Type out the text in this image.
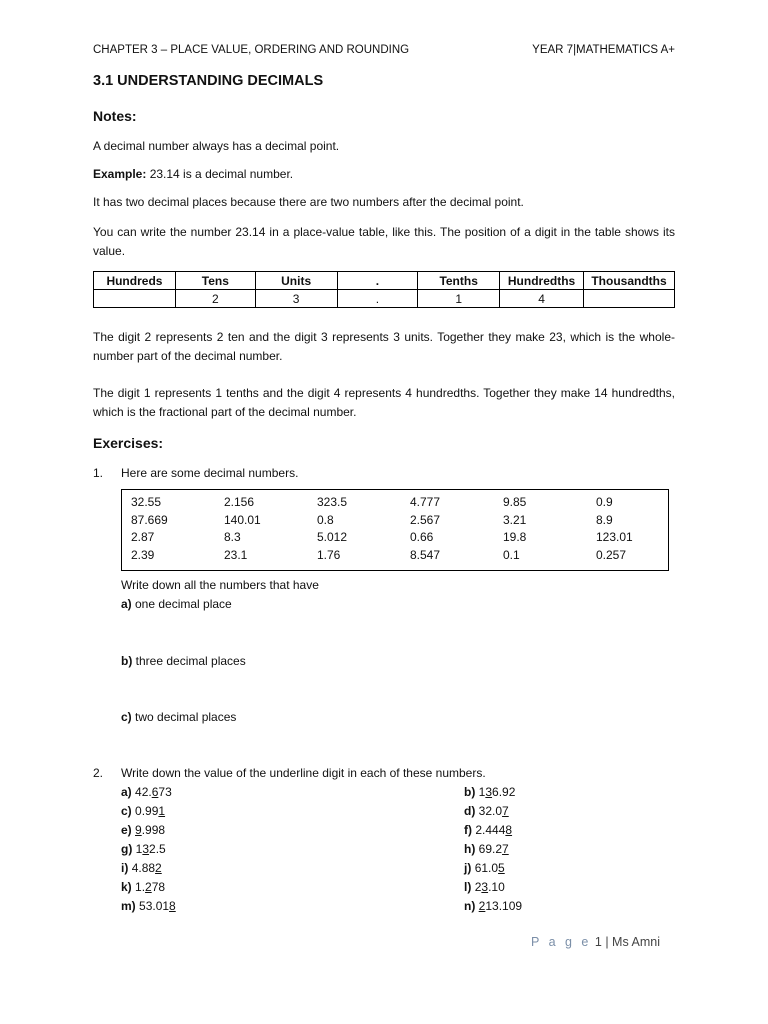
CHAPTER 3 – PLACE VALUE, ORDERING AND ROUNDING	YEAR 7|MATHEMATICS A+
3.1 UNDERSTANDING DECIMALS
Notes:
A decimal number always has a decimal point.
Example: 23.14 is a decimal number.
It has two decimal places because there are two numbers after the decimal point.
You can write the number 23.14 in a place-value table, like this. The position of a digit in the table shows its value.
Hundreds	Tens	Units	.	Tenths	Hundredths	Thousandths
	2	3	.	1	4	
The digit 2 represents 2 ten and the digit 3 represents 3 units. Together they make 23, which is the whole-number part of the decimal number.
The digit 1 represents 1 tenths and the digit 4 represents 4 hundredths. Together they make 14 hundredths, which is the fractional part of the decimal number.
Exercises:
1. Here are some decimal numbers.
32.55	2.156	323.5	4.777	9.85	0.9
87.669	140.01	0.8	2.567	3.21	8.9
2.87	8.3	5.012	0.66	19.8	123.01
2.39	23.1	1.76	8.547	0.1	0.257
Write down all the numbers that have
a) one decimal place
b) three decimal places
c) two decimal places
2. Write down the value of the underline digit in each of these numbers.
a) 42.673	b) 136.92
c) 0.991	d) 32.07
e) 9.998	f) 2.4448
g) 132.5	h) 69.27
i) 4.882	j) 61.05
k) 1.278	l) 23.10
m) 53.018	n) 213.109
P a g e 1 | Ms Amni
